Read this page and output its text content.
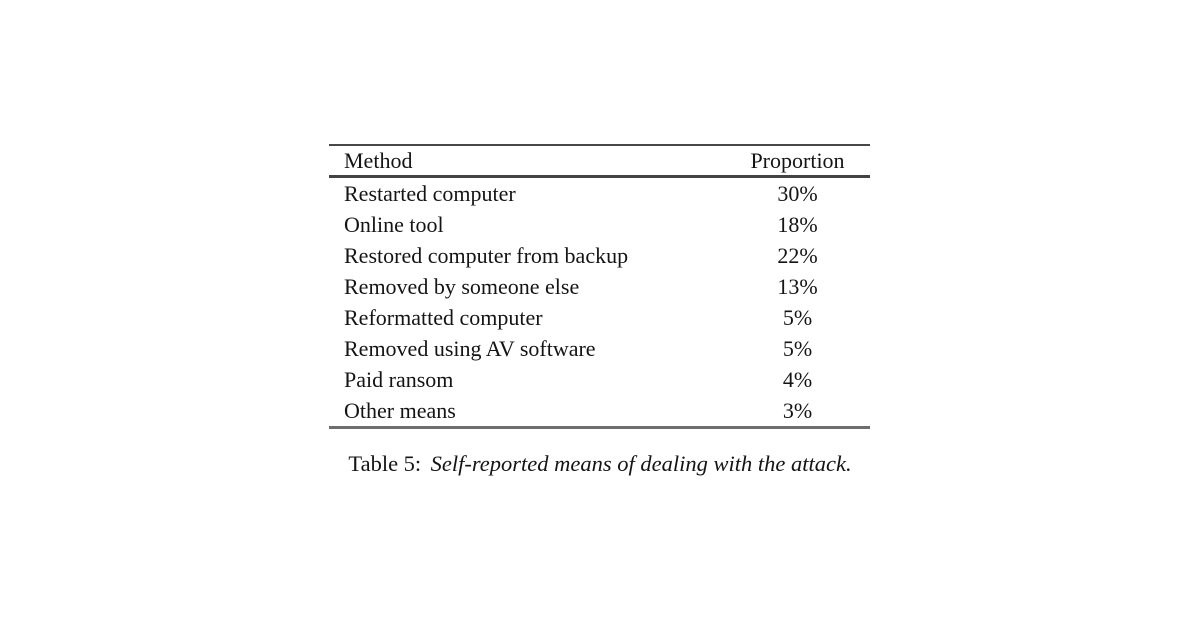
Method	Proportion
Restarted computer	30%
Online tool	18%
Restored computer from backup	22%
Removed by someone else	13%
Reformatted computer	5%
Removed using AV software	5%
Paid ransom	4%
Other means	3%
Table 5: Self-reported means of dealing with the attack.
